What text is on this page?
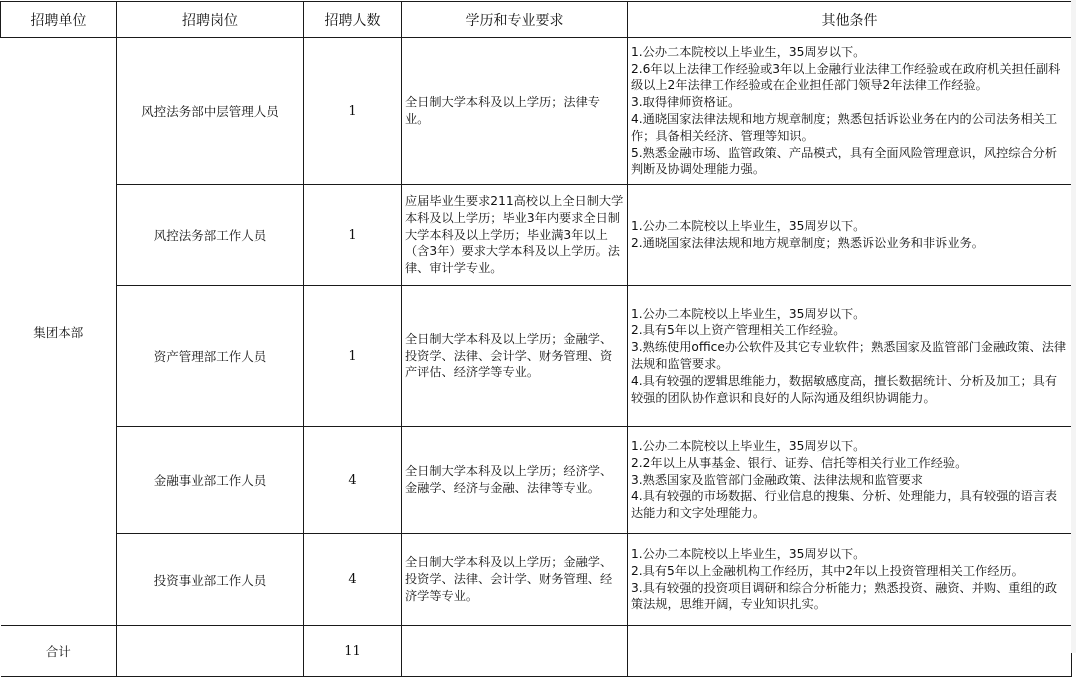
招聘单位	招聘岗位	招聘人数	学历和专业要求	其他条件
集团本部	风控法务部中层管理人员	1	全日制大学本科及以上学历；法律专业。	1.公办二本院校以上毕业生，35周岁以下。
2.6年以上法律工作经验或3年以上金融行业法律工作经验或在政府机关担任副科级以上2年法律工作经验或在企业担任部门领导2年法律工作经验。
3.取得律师资格证。
4.通晓国家法律法规和地方规章制度；熟悉包括诉讼业务在内的公司法务相关工作；具备相关经济、管理等知识。
5.熟悉金融市场、监管政策、产品模式，具有全面风险管理意识，风控综合分析判断及协调处理能力强。

	风控法务部工作人员	1	应届毕业生要求211高校以上全日制大学本科及以上学历；毕业3年内要求全日制大学本科及以上学历；毕业满3年以上（含3年）要求大学本科及以上学历。法律、审计学专业。	1.公办二本院校以上毕业生，35周岁以下。
2.通晓国家法律法规和地方规章制度；熟悉诉讼业务和非诉业务。

	资产管理部工作人员	1	全日制大学本科及以上学历；金融学、投资学、法律、会计学、财务管理、资产评估、经济学等专业。	1.公办二本院校以上毕业生，35周岁以下。
2.具有5年以上资产管理相关工作经验。
3.熟练使用office办公软件及其它专业软件；熟悉国家及监管部门金融政策、法律法规和监管要求。
4.具有较强的逻辑思维能力，数据敏感度高，擅长数据统计、分析及加工；具有较强的团队协作意识和良好的人际沟通及组织协调能力。

	金融事业部工作人员	4	全日制大学本科及以上学历；经济学、金融学、经济与金融、法律等专业。	1.公办二本院校以上毕业生，35周岁以下。
2.2年以上从事基金、银行、证券、信托等相关行业工作经验。
3.熟悉国家及监管部门金融政策、法律法规和监管要求
4.具有较强的市场数据、行业信息的搜集、分析、处理能力，具有较强的语言表达能力和文字处理能力。

	投资事业部工作人员	4	全日制大学本科及以上学历；金融学、投资学、法律、会计学、财务管理、经济学等专业。	1.公办二本院校以上毕业生，35周岁以下。
2.具有5年以上金融机构工作经历，其中2年以上投资管理相关工作经历。
3.具有较强的投资项目调研和综合分析能力；熟悉投资、融资、并购、重组的政策法规，思维开阔，专业知识扎实。

合计		11		
